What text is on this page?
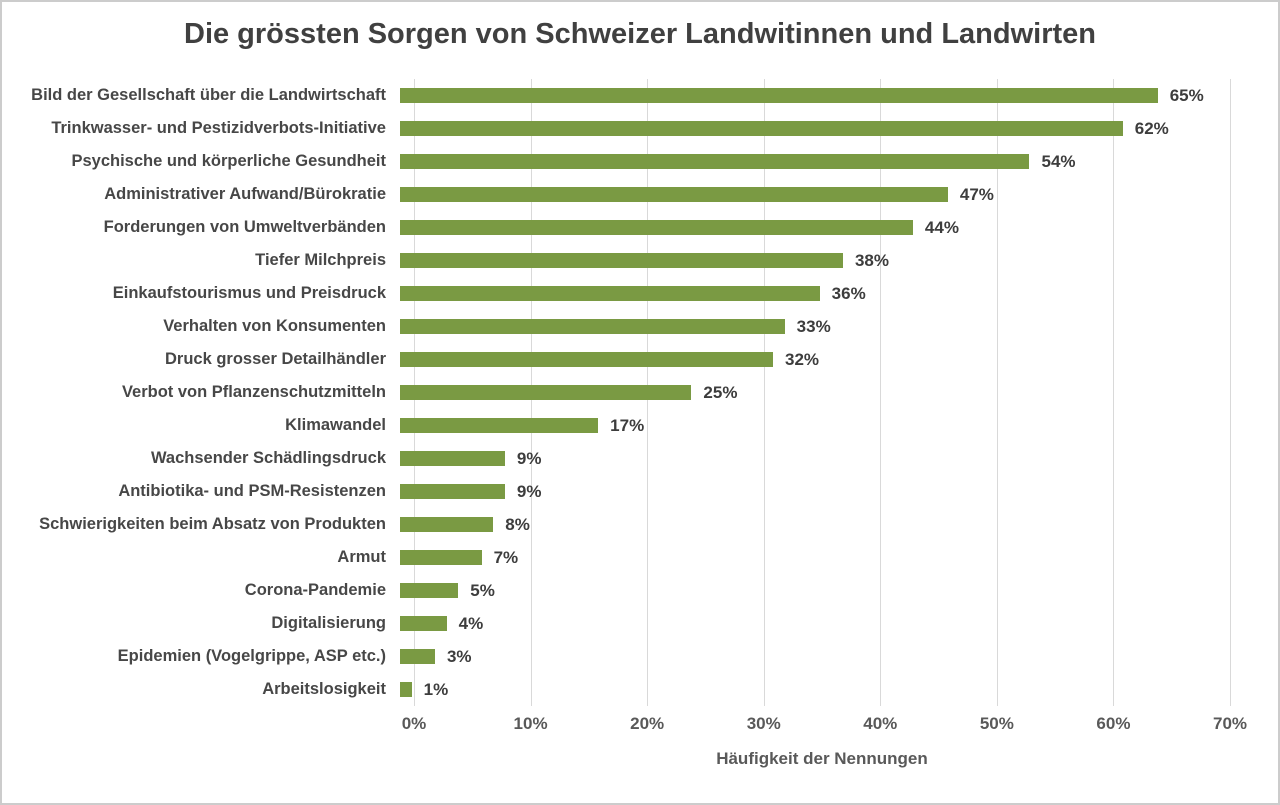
Die grössten Sorgen von Schweizer Landwitinnen und Landwirten
Bild der Gesellschaft über die Landwirtschaft	65%
Trinkwasser- und Pestizidverbots-Initiative	62%
Psychische und körperliche Gesundheit	54%
Administrativer Aufwand/Bürokratie	47%
Forderungen von Umweltverbänden	44%
Tiefer Milchpreis	38%
Einkaufstourismus und Preisdruck	36%
Verhalten von Konsumenten	33%
Druck grosser Detailhändler	32%
Verbot von Pflanzenschutzmitteln	25%
Klimawandel	17%
Wachsender Schädlingsdruck	9%
Antibiotika- und PSM-Resistenzen	9%
Schwierigkeiten beim Absatz von Produkten	8%
Armut	7%
Corona-Pandemie	5%
Digitalisierung	4%
Epidemien (Vogelgrippe, ASP etc.)	3%
Arbeitslosigkeit	1%
0%	10%	20%	30%	40%	50%	60%	70%
Häufigkeit der Nennungen
